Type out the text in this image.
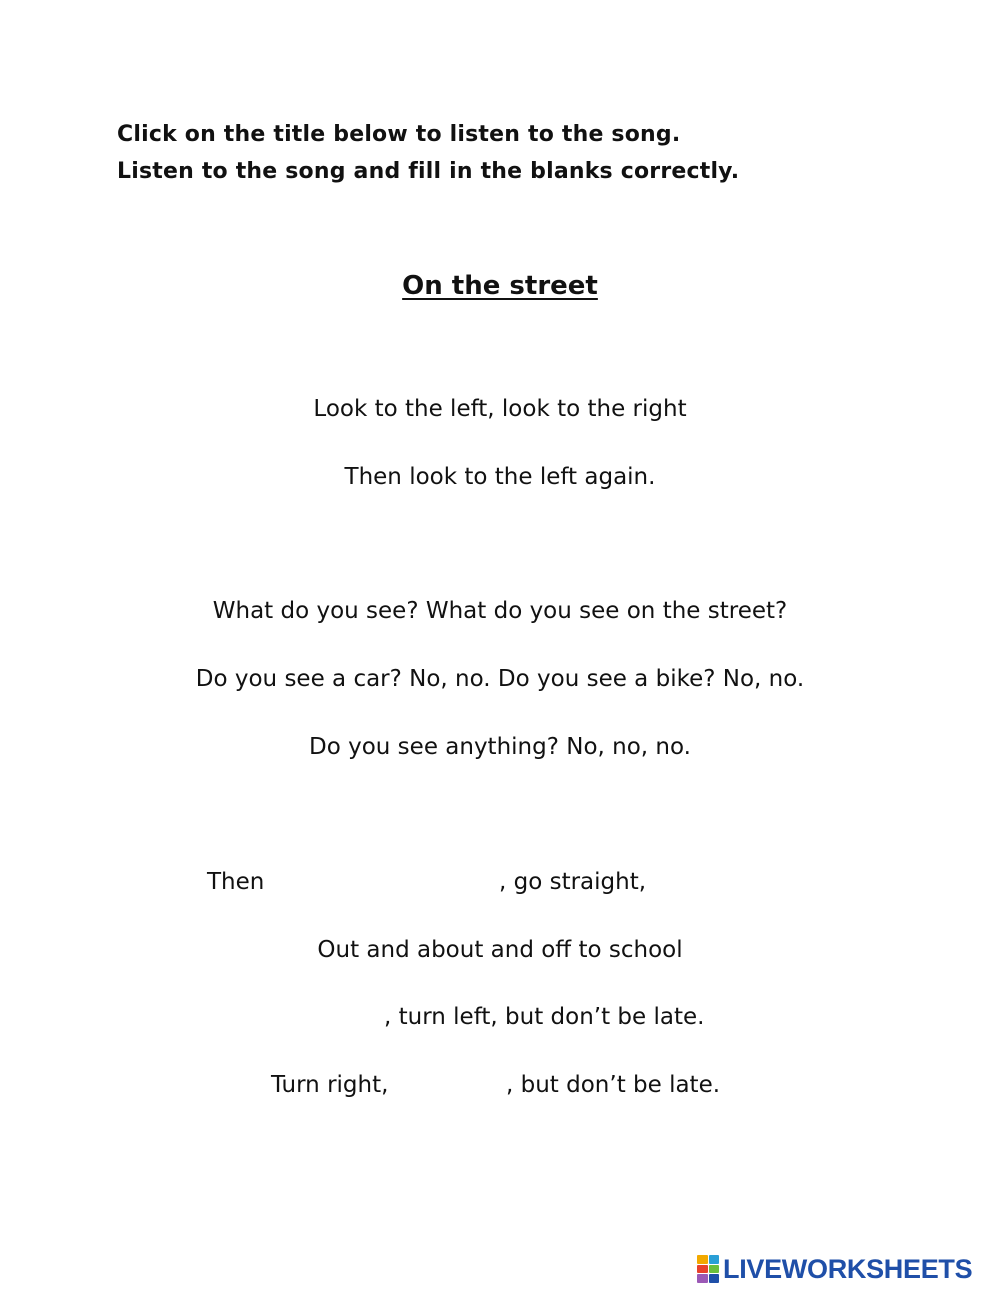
Click on the title below to listen to the song.
Listen to the song and fill in the blanks correctly.
On the street
Look to the left, look to the right
Then look to the left again.
What do you see? What do you see on the street?
Do you see a car? No, no. Do you see a bike? No, no.
Do you see anything? No, no, no.
Then	, go straight,
Out and about and off to school
, turn left, but don’t be late.
Turn right,	, but don’t be late.
LIVEWORKSHEETS
